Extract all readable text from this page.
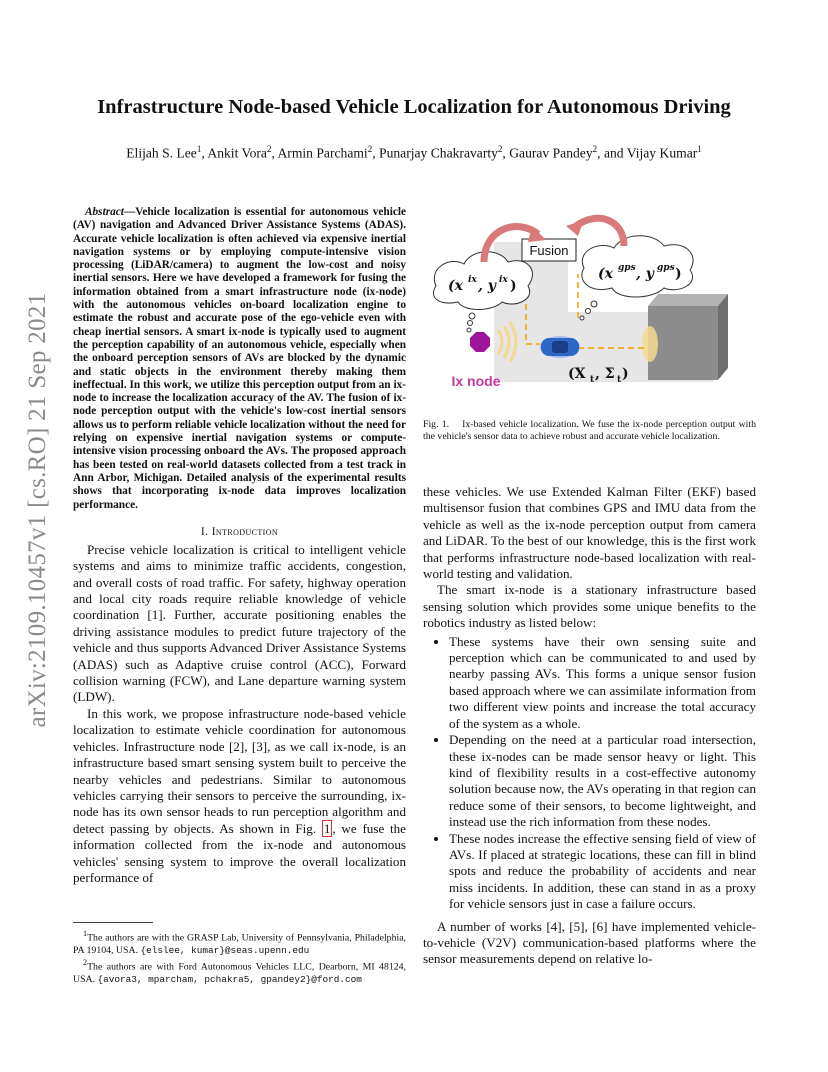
arXiv:2109.10457v1 [cs.RO] 21 Sep 2021
Infrastructure Node-based Vehicle Localization for Autonomous Driving
Elijah S. Lee$^1$, Ankit Vora$^2$, Armin Parchami$^2$, Punarjay Chakravarty$^2$, Gaurav Pandey$^2$, and Vijay Kumar$^1$

Abstract—Vehicle localization is essential for autonomous vehicle (AV) navigation and Advanced Driver Assistance Systems (ADAS). Accurate vehicle localization is often achieved via expensive inertial navigation systems or by employing compute-intensive vision processing (LiDAR/camera) to augment the low-cost and noisy inertial sensors. Here we have developed a framework for fusing the information obtained from a smart infrastructure node (ix-node) with the autonomous vehicles on-board localization engine to estimate the robust and accurate pose of the ego-vehicle even with cheap inertial sensors. A smart ix-node is typically used to augment the perception capability of an autonomous vehicle, especially when the onboard perception sensors of AVs are blocked by the dynamic and static objects in the environment thereby making them ineffectual. In this work, we utilize this perception output from an ix-node to increase the localization accuracy of the AV. The fusion of ix-node perception output with the vehicle's low-cost inertial sensors allows us to perform reliable vehicle localization without the need for relying on expensive inertial navigation systems or compute-intensive vision processing onboard the AVs. The proposed approach has been tested on real-world datasets collected from a test track in Ann Arbor, Michigan. Detailed analysis of the experimental results shows that incorporating ix-node data improves localization performance.

I. Introduction

Precise vehicle localization is critical to intelligent vehicle systems and aims to minimize traffic accidents, congestion, and overall costs of road traffic. For safety, highway operation and local city roads require reliable knowledge of vehicle coordination [1]. Further, accurate positioning enables the driving assistance modules to predict future trajectory of the vehicle and thus supports Advanced Driver Assistance Systems (ADAS) such as Adaptive cruise control (ACC), Forward collision warning (FCW), and Lane departure warning system (LDW).

In this work, we propose infrastructure node-based vehicle localization to estimate vehicle coordination for autonomous vehicles. Infrastructure node [2], [3], as we call ix-node, is an infrastructure based smart sensing system built to perceive the nearby vehicles and pedestrians. Similar to autonomous vehicles carrying their sensors to perceive the surrounding, ix-node has its own sensor heads to run perception algorithm and detect passing by objects. As shown in Fig. 1 , we fuse the information collected from the ix-node and autonomous vehicles' sensing system to improve the overall localization performance of

$^1$The authors are with the GRASP Lab, University of Pennsylvania, Philadelphia, PA 19104, USA. {elslee, kumar}@seas.upenn.edu
$^2$The authors are with Ford Autonomous Vehicles LLC, Dearborn, MI 48124, USA. {avora3, mparcham, pchakra5, gpandey2}@ford.com
Fusion
Ix node	(X t , Σ t )
(x ix , y ix )
(x gps , y gps )
Fig. 1. Ix-based vehicle localization. We fuse the ix-node perception output with the vehicle's sensor data to achieve robust and accurate vehicle localization.

these vehicles. We use Extended Kalman Filter (EKF) based multisensor fusion that combines GPS and IMU data from the vehicle as well as the ix-node perception output from camera and LiDAR. To the best of our knowledge, this is the first work that performs infrastructure node-based localization with real-world testing and validation.

The smart ix-node is a stationary infrastructure based sensing solution which provides some unique benefits to the robotics industry as listed below:

• These systems have their own sensing suite and perception which can be communicated to and used by nearby passing AVs. This forms a unique sensor fusion based approach where we can assimilate information from two different view points and increase the total accuracy of the system as a whole.
• Depending on the need at a particular road intersection, these ix-nodes can be made sensor heavy or light. This kind of flexibility results in a cost-effective autonomy solution because now, the AVs operating in that region can reduce some of their sensors, to become lightweight, and instead use the rich information from these nodes.
• These nodes increase the effective sensing field of view of AVs. If placed at strategic locations, these can fill in blind spots and reduce the probability of accidents and near miss incidents. In addition, these can stand in as a proxy for vehicle sensors just in case a failure occurs.

A number of works [4], [5], [6] have implemented vehicle-to-vehicle (V2V) communication-based platforms where the sensor measurements depend on relative lo-
